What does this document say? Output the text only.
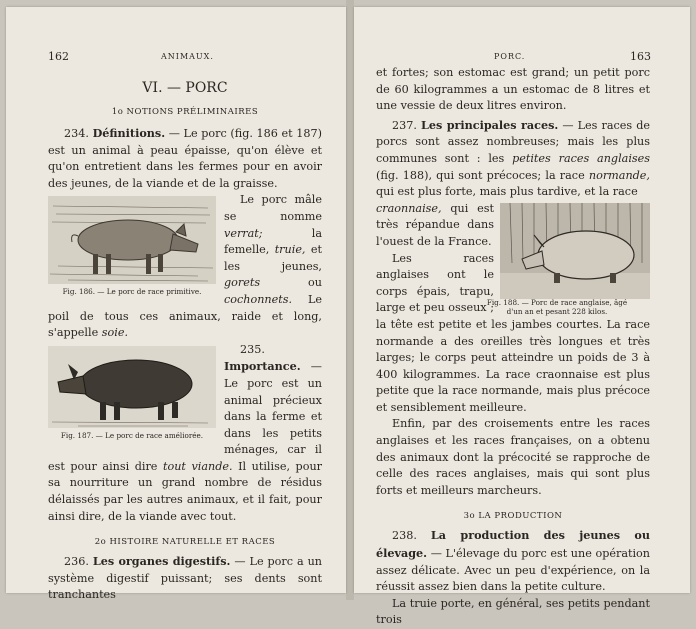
162	ANIMAUX.

VI. — PORC

1o NOTIONS PRÉLIMINAIRES

234. Définitions. — Le porc (fig. 186 et 187) est un animal à peau épaisse, qu'on élève et qu'on entretient dans les fermes pour en avoir des jeunes, de la viande et de la graisse.

Fig. 186. — Le porc de race primitive.

Le porc mâle se nomme verrat; la femelle, truie, et les jeunes, gorets ou cochonnets. Le poil de tous ces animaux, raide et long, s'appelle soie.

Fig. 187. — Le porc de race améliorée.

235. Importance. — Le porc est un animal précieux dans la ferme et dans les petits ménages, car il est pour ainsi dire tout viande. Il utilise, pour sa nourriture un grand nombre de résidus délaissés par les autres animaux, et il fait, pour ainsi dire, de la viande avec tout.

2o HISTOIRE NATURELLE ET RACES

236. Les organes digestifs. — Le porc a un système digestif puissant; ses dents sont tranchantes

PORC.	163

et fortes; son estomac est grand; un petit porc de 60 kilogrammes a un estomac de 8 litres et une vessie de deux litres environ.

237. Les principales races. — Les races de porcs sont assez nombreuses; mais les plus communes sont : les petites races anglaises (fig. 188), qui sont précoces; la race normande, qui est plus forte, mais plus tardive, et la race

craonnaise, qui est très répandue dans l'ouest de la France.

Les races anglaises ont le corps épais, trapu, large et peu osseux ; la tête est petite et les jambes courtes. La race normande a des oreilles très longues et très larges; le corps peut atteindre un poids de 3 à 400 kilogrammes. La race craonnaise est plus petite que la race normande, mais plus précoce et sensiblement meilleure.

Fig. 188. — Porc de race anglaise, âgé d'un an et pesant 228 kilos.

Enfin, par des croisements entre les races anglaises et les races françaises, on a obtenu des animaux dont la précocité se rapproche de celle des races anglaises, mais qui sont plus forts et meilleurs marcheurs.

3o LA PRODUCTION

238. La production des jeunes ou élevage. — L'élevage du porc est une opération assez délicate. Avec un peu d'expérience, on la réussit assez bien dans la petite culture.

La truie porte, en général, ses petits pendant trois
